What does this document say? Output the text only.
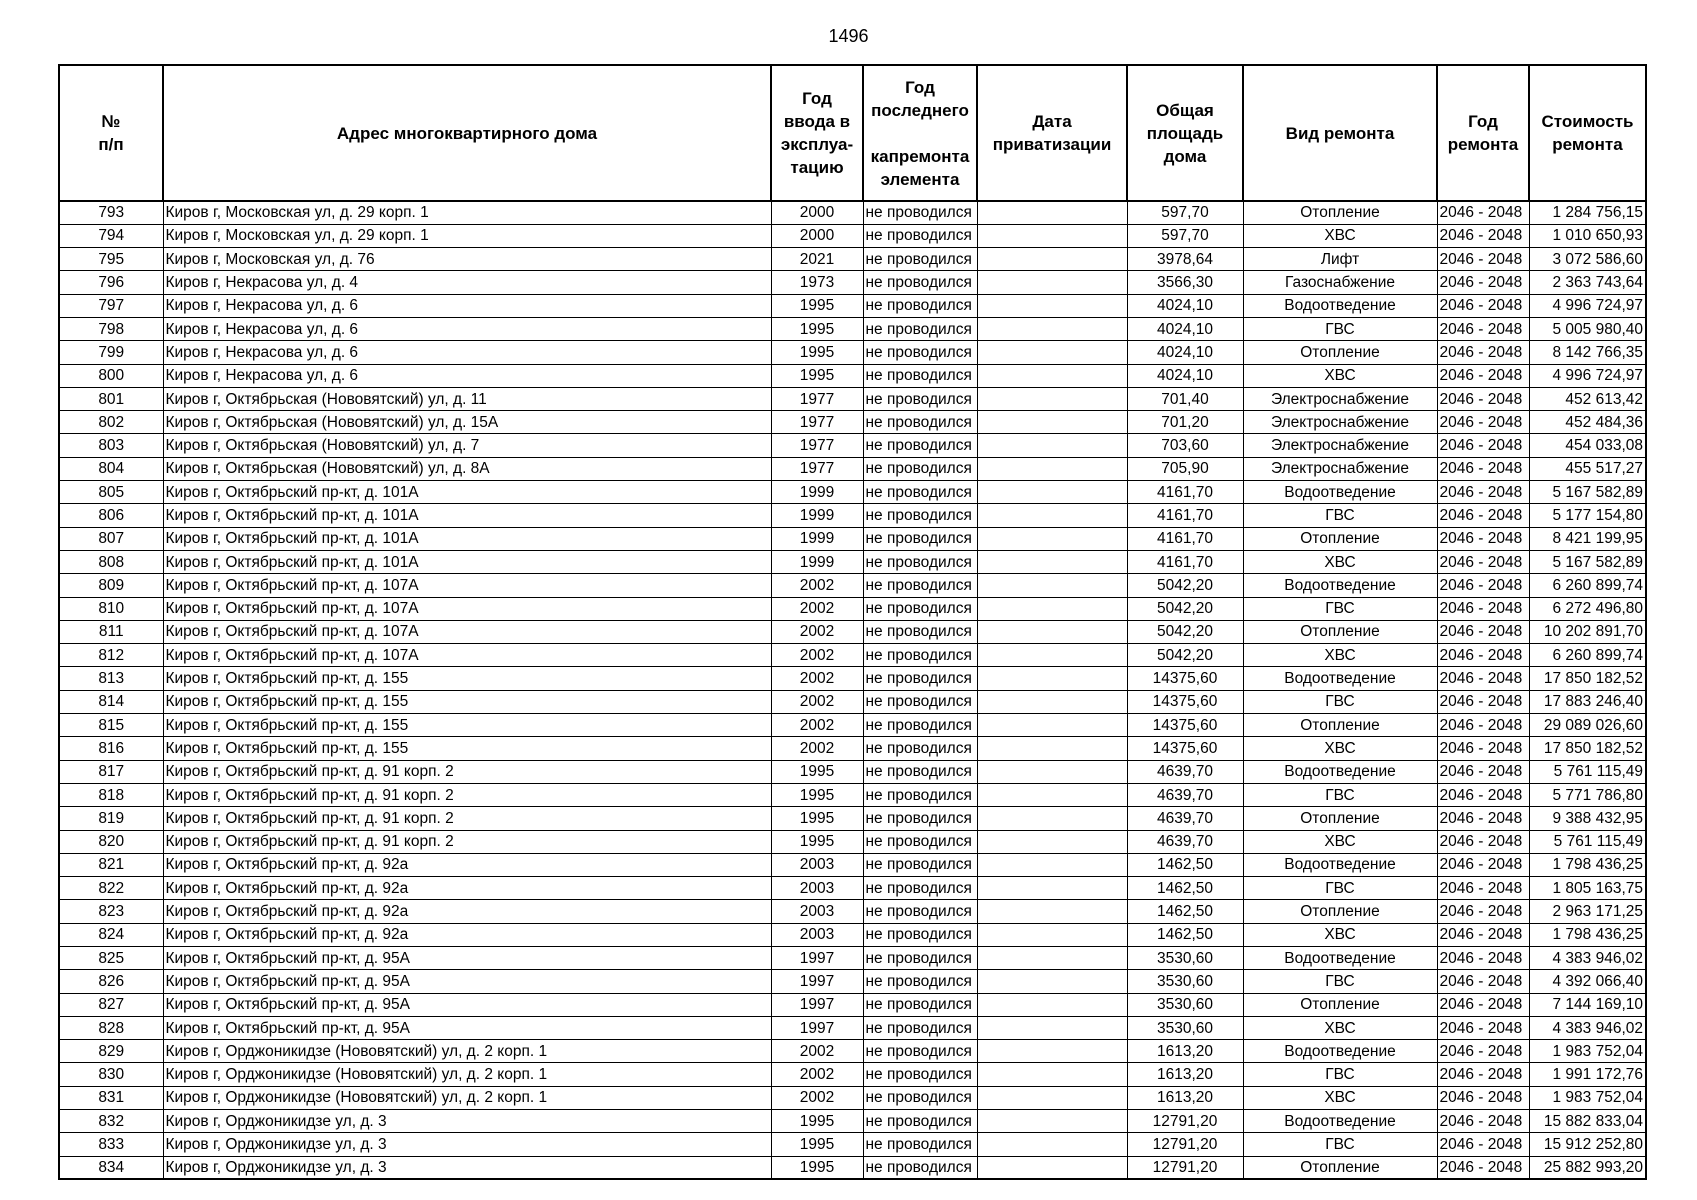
1496
№
п/п	Адрес многоквартирного дома	Год
ввода в
эксплуа-
тацию	Год
последнего

капремонта
элемента	Дата
приватизации	Общая
площадь
дома	Вид ремонта	Год
ремонта	Стоимость
ремонта
793	Киров г, Московская ул, д. 29 корп. 1	2000	не проводился		597,70	Отопление	2046 - 2048	1 284 756,15
794	Киров г, Московская ул, д. 29 корп. 1	2000	не проводился		597,70	ХВС	2046 - 2048	1 010 650,93
795	Киров г, Московская ул, д. 76	2021	не проводился		3978,64	Лифт	2046 - 2048	3 072 586,60
796	Киров г, Некрасова ул, д. 4	1973	не проводился		3566,30	Газоснабжение	2046 - 2048	2 363 743,64
797	Киров г, Некрасова ул, д. 6	1995	не проводился		4024,10	Водоотведение	2046 - 2048	4 996 724,97
798	Киров г, Некрасова ул, д. 6	1995	не проводился		4024,10	ГВС	2046 - 2048	5 005 980,40
799	Киров г, Некрасова ул, д. 6	1995	не проводился		4024,10	Отопление	2046 - 2048	8 142 766,35
800	Киров г, Некрасова ул, д. 6	1995	не проводился		4024,10	ХВС	2046 - 2048	4 996 724,97
801	Киров г, Октябрьская (Нововятский) ул, д. 11	1977	не проводился		701,40	Электроснабжение	2046 - 2048	452 613,42
802	Киров г, Октябрьская (Нововятский) ул, д. 15А	1977	не проводился		701,20	Электроснабжение	2046 - 2048	452 484,36
803	Киров г, Октябрьская (Нововятский) ул, д. 7	1977	не проводился		703,60	Электроснабжение	2046 - 2048	454 033,08
804	Киров г, Октябрьская (Нововятский) ул, д. 8А	1977	не проводился		705,90	Электроснабжение	2046 - 2048	455 517,27
805	Киров г, Октябрьский пр-кт, д. 101А	1999	не проводился		4161,70	Водоотведение	2046 - 2048	5 167 582,89
806	Киров г, Октябрьский пр-кт, д. 101А	1999	не проводился		4161,70	ГВС	2046 - 2048	5 177 154,80
807	Киров г, Октябрьский пр-кт, д. 101А	1999	не проводился		4161,70	Отопление	2046 - 2048	8 421 199,95
808	Киров г, Октябрьский пр-кт, д. 101А	1999	не проводился		4161,70	ХВС	2046 - 2048	5 167 582,89
809	Киров г, Октябрьский пр-кт, д. 107А	2002	не проводился		5042,20	Водоотведение	2046 - 2048	6 260 899,74
810	Киров г, Октябрьский пр-кт, д. 107А	2002	не проводился		5042,20	ГВС	2046 - 2048	6 272 496,80
811	Киров г, Октябрьский пр-кт, д. 107А	2002	не проводился		5042,20	Отопление	2046 - 2048	10 202 891,70
812	Киров г, Октябрьский пр-кт, д. 107А	2002	не проводился		5042,20	ХВС	2046 - 2048	6 260 899,74
813	Киров г, Октябрьский пр-кт, д. 155	2002	не проводился		14375,60	Водоотведение	2046 - 2048	17 850 182,52
814	Киров г, Октябрьский пр-кт, д. 155	2002	не проводился		14375,60	ГВС	2046 - 2048	17 883 246,40
815	Киров г, Октябрьский пр-кт, д. 155	2002	не проводился		14375,60	Отопление	2046 - 2048	29 089 026,60
816	Киров г, Октябрьский пр-кт, д. 155	2002	не проводился		14375,60	ХВС	2046 - 2048	17 850 182,52
817	Киров г, Октябрьский пр-кт, д. 91 корп. 2	1995	не проводился		4639,70	Водоотведение	2046 - 2048	5 761 115,49
818	Киров г, Октябрьский пр-кт, д. 91 корп. 2	1995	не проводился		4639,70	ГВС	2046 - 2048	5 771 786,80
819	Киров г, Октябрьский пр-кт, д. 91 корп. 2	1995	не проводился		4639,70	Отопление	2046 - 2048	9 388 432,95
820	Киров г, Октябрьский пр-кт, д. 91 корп. 2	1995	не проводился		4639,70	ХВС	2046 - 2048	5 761 115,49
821	Киров г, Октябрьский пр-кт, д. 92а	2003	не проводился		1462,50	Водоотведение	2046 - 2048	1 798 436,25
822	Киров г, Октябрьский пр-кт, д. 92а	2003	не проводился		1462,50	ГВС	2046 - 2048	1 805 163,75
823	Киров г, Октябрьский пр-кт, д. 92а	2003	не проводился		1462,50	Отопление	2046 - 2048	2 963 171,25
824	Киров г, Октябрьский пр-кт, д. 92а	2003	не проводился		1462,50	ХВС	2046 - 2048	1 798 436,25
825	Киров г, Октябрьский пр-кт, д. 95А	1997	не проводился		3530,60	Водоотведение	2046 - 2048	4 383 946,02
826	Киров г, Октябрьский пр-кт, д. 95А	1997	не проводился		3530,60	ГВС	2046 - 2048	4 392 066,40
827	Киров г, Октябрьский пр-кт, д. 95А	1997	не проводился		3530,60	Отопление	2046 - 2048	7 144 169,10
828	Киров г, Октябрьский пр-кт, д. 95А	1997	не проводился		3530,60	ХВС	2046 - 2048	4 383 946,02
829	Киров г, Орджоникидзе (Нововятский) ул, д. 2 корп. 1	2002	не проводился		1613,20	Водоотведение	2046 - 2048	1 983 752,04
830	Киров г, Орджоникидзе (Нововятский) ул, д. 2 корп. 1	2002	не проводился		1613,20	ГВС	2046 - 2048	1 991 172,76
831	Киров г, Орджоникидзе (Нововятский) ул, д. 2 корп. 1	2002	не проводился		1613,20	ХВС	2046 - 2048	1 983 752,04
832	Киров г, Орджоникидзе ул, д. 3	1995	не проводился		12791,20	Водоотведение	2046 - 2048	15 882 833,04
833	Киров г, Орджоникидзе ул, д. 3	1995	не проводился		12791,20	ГВС	2046 - 2048	15 912 252,80
834	Киров г, Орджоникидзе ул, д. 3	1995	не проводился		12791,20	Отопление	2046 - 2048	25 882 993,20
